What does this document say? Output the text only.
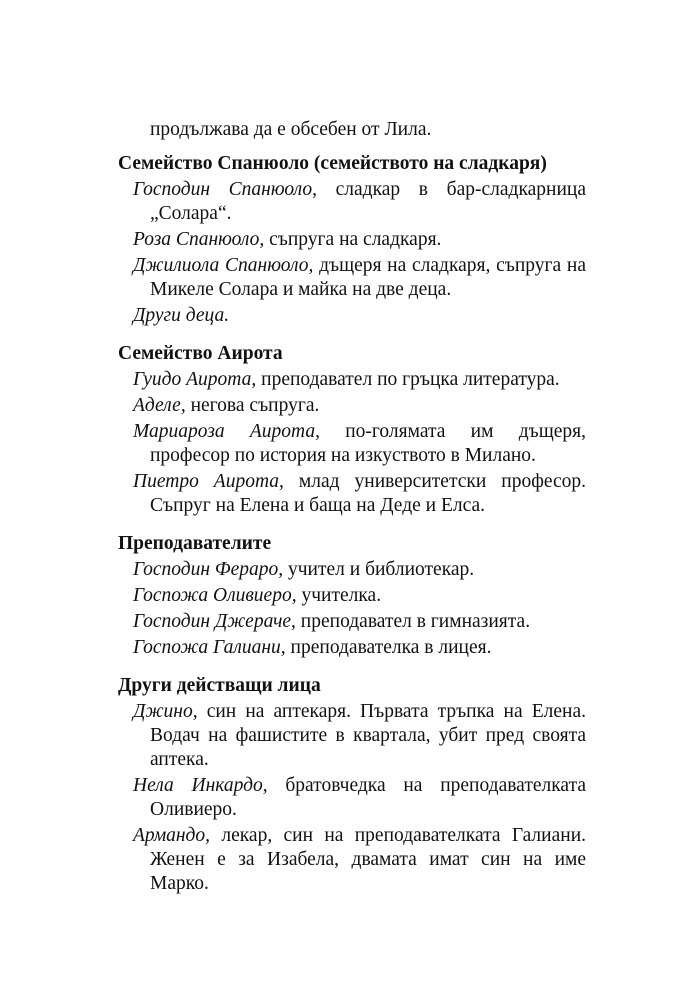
продължава да е обсебен от Лила.

Семейство Спанюоло (семейството на сладкаря)

Господин Спанюоло, сладкар в бар-сладкарница „Солара“.

Роза Спанюоло, съпруга на сладкаря.

Джилиола Спанюоло, дъщеря на сладкаря, съпруга на Микеле Солара и майка на две деца.

Други деца.

Семейство Аирота

Гуидо Аирота, преподавател по гръцка литература.

Аделе, негова съпруга.

Мариароза Аирота, по-голямата им дъщеря, професор по история на изкуството в Милано.

Пиетро Аирота, млад университетски професор. Съпруг на Елена и баща на Деде и Елса.

Преподавателите

Господин Фераро, учител и библиотекар.

Госпожа Оливиеро, учителка.

Господин Джераче, преподавател в гимназията.

Госпожа Галиани, преподавателка в лицея.

Други действащи лица

Джино, син на аптекаря. Първата тръпка на Елена. Водач на фашистите в квартала, убит пред своята аптека.

Нела Инкардо, братовчедка на преподавателката Оливиеро.

Армандо, лекар, син на преподавателката Галиани. Женен е за Изабела, двамата имат син на име Марко.
